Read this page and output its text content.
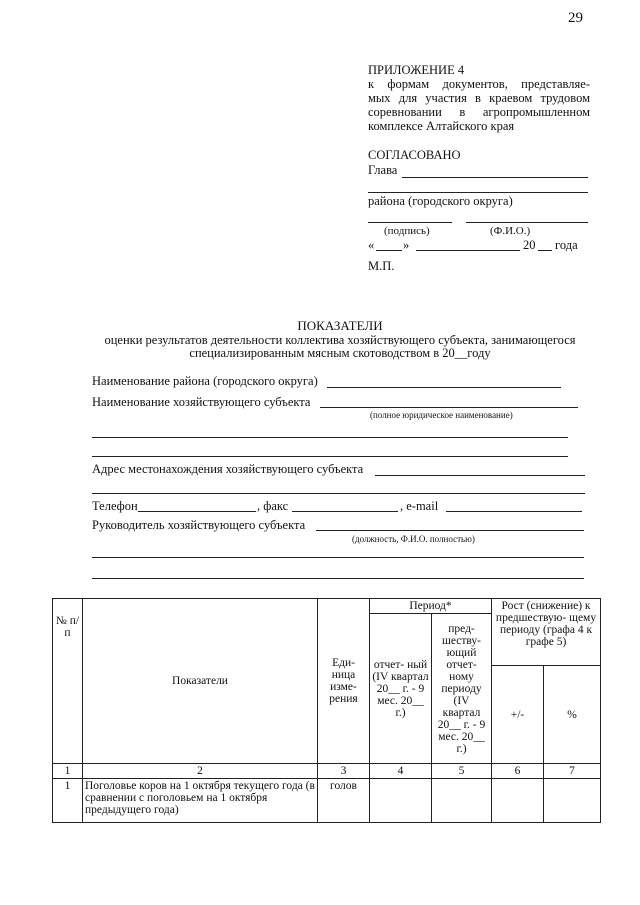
29
ПРИЛОЖЕНИЕ 4
к формам документов, представляе-
мых для участия в краевом трудовом
соревновании в агропромышленном
комплексе Алтайского края
СОГЛАСОВАНО
Глава
района (городского округа)
(подпись)	(Ф.И.О.)
« »	20 года
М.П.
ПОКАЗАТЕЛИ
оценки результатов деятельности коллектива хозяйствующего субъекта, занимающегося
специализированным мясным скотоводством в 20__году
Наименование района (городского округа)
Наименование хозяйствующего субъекта
(полное юридическое наименование)
Адрес местонахождения хозяйствующего субъекта
Телефон	, факс	, e-mail
Руководитель хозяйствующего субъекта
(должность, Ф.И.О. полностью)
№ п/п	Показатели	Еди- ница изме- рения	Период*		Рост (снижение) к предшествую- щему периоду (графа 4 к графе 5)	
			отчет- ный (IV квартал 20__ г. - 9 мес. 20__ г.)	пред- шеству- ющий отчет- ному периоду (IV квартал 20__ г. - 9 мес. 20__ г.)		
					+/-	%
1	2	3	4	5	6	7
1	Поголовье коров на 1 октября текущего года (в сравнении с поголовьем на 1 октября предыдущего года)	голов				
